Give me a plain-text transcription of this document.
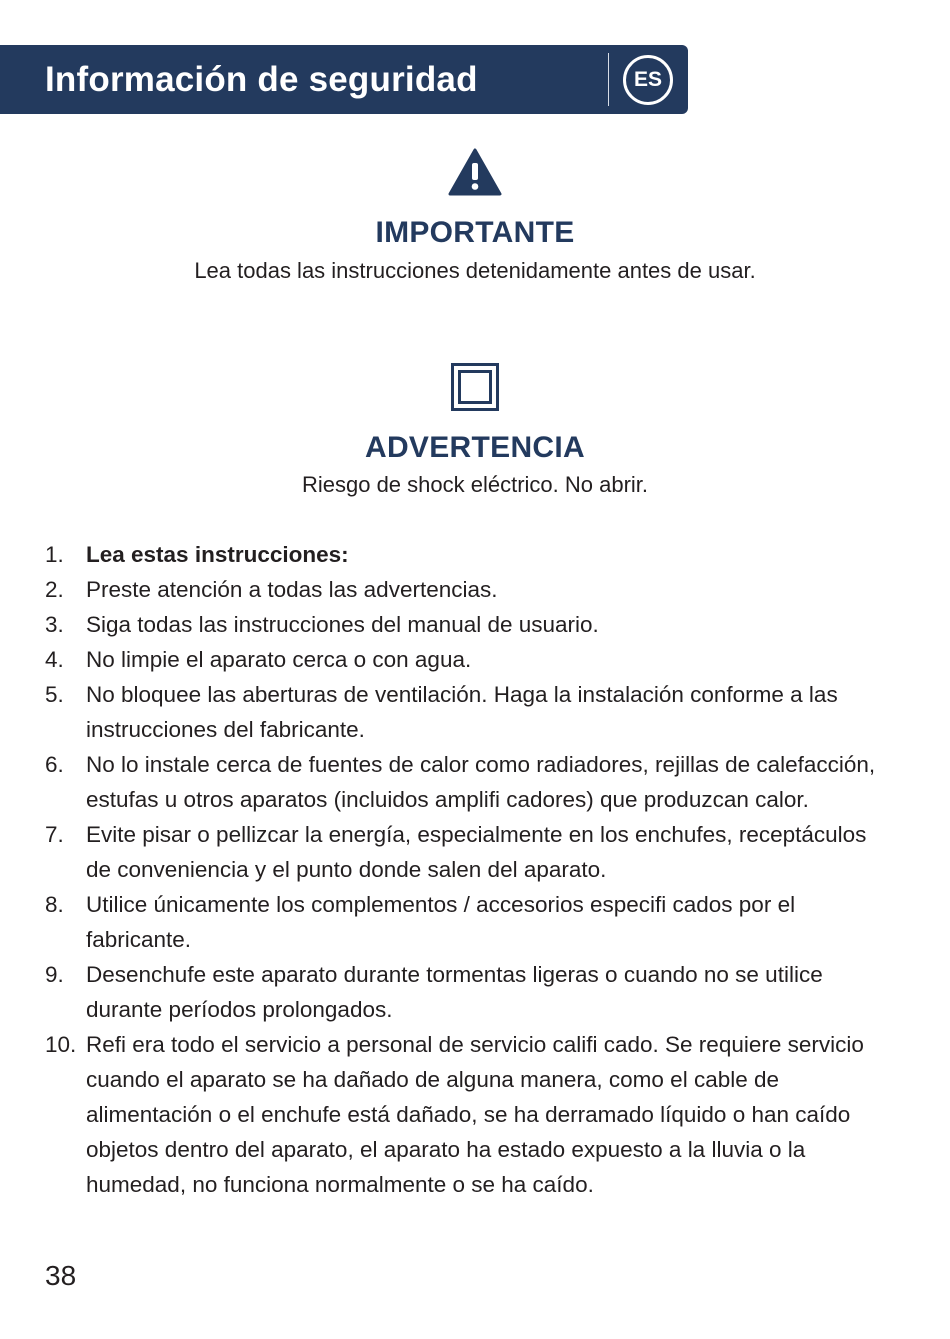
Información de seguridad	ES
IMPORTANTE
Lea todas las instrucciones detenidamente antes de usar.
ADVERTENCIA
Riesgo de shock eléctrico. No abrir.
1. Lea estas instrucciones:
2. Preste atención a todas las advertencias.
3. Siga todas las instrucciones del manual de usuario.
4. No limpie el aparato cerca o con agua.
5. No bloquee las aberturas de ventilación. Haga la instalación conforme a las
instrucciones del fabricante.
6. No lo instale cerca de fuentes de calor como radiadores, rejillas de calefacción,
estufas u otros aparatos (incluidos amplifi cadores) que produzcan calor.
7. Evite pisar o pellizcar la energía, especialmente en los enchufes, receptáculos
de conveniencia y el punto donde salen del aparato.
8. Utilice únicamente los complementos / accesorios especifi cados por el
fabricante.
9. Desenchufe este aparato durante tormentas ligeras o cuando no se utilice
durante períodos prolongados.
10. Refi era todo el servicio a personal de servicio califi cado. Se requiere servicio
cuando el aparato se ha dañado de alguna manera, como el cable de
alimentación o el enchufe está dañado, se ha derramado líquido o han caído
objetos dentro del aparato, el aparato ha estado expuesto a la lluvia o la
humedad, no funciona normalmente o se ha caído.
38
